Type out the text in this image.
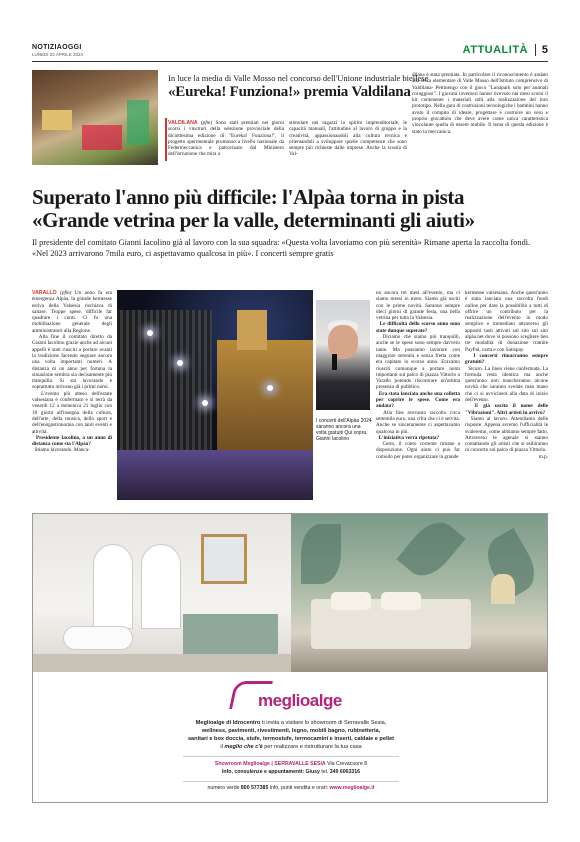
NOTIZIAOGGI
LUNEDÌ 22 APRILE 2024	ATTUALITÀ	5
In luce la media di Valle Mosso nel concorso dell'Unione industriale biellese
«Eureka! Funziona!» premia Valdilana
VALDILANA (pfm) Sono stati premiati nei giorni scorsi i vincitori della selezione provinciale della diciottesima edizione di "Eureka! Funziona!", il progetto sperimentale promosso a livello nazionale da Federmeccanica e patrocinato dal Ministero dell'istruzione che mira a
stimolare nei ragazzi lo spirito imprenditoriale, le capacità manuali, l'attitudine al lavoro di gruppo e la creatività, appassionandoli alla cultura tecnica e orientandoli a sviluppare quelle competenze che sono sempre più richieste dalle imprese. Anche la scuola di Val-
dilana è stata premiata. In particolare il riconoscimento è andato alla terza elementare di Valle Mosso dell'Istituto comprensivo di Valdilana- Pettinengo con il gioco "Lunapark solo per animali coraggiosi". I giovani inventori hanno ricevuto nei mesi scorsi il kit contenente i materiali utili alla realizzazione del loro prototipo. Nella gara di costruzioni tecnologiche i bambini hanno avuto il compito di ideare, progettare e costruire un vero e proprio giocattolo che deve avere come unica caratteristica vincolante quella di essere mobile. Il tema di questa edizione è stato la meccanica.
Superato l'anno più difficile: l'Alpàa torna in pista
«Grande vetrina per la valle, determinanti gli aiuti»
Il presidente del comitato Gianni Iacolino già al lavoro con la sua squadra: «Questa volta lavoriamo con più serenità» Rimane aperta la raccolta fondi. «Nel 2023 arrivarono 7mila euro, ci aspettavamo qualcosa in più». I concerti sempre gratis
VARALLO (pfm) Un anno fa era emergenza Alpàa, la grande kermesse estiva della Valsesia rischiava di saltare. Troppe spese, difficile far quadrare i conti. Ci fu una mobilitazione generale degli amministratori alla Regione.
Alla fine il comitato diretto da Gianni Iacolino grazie anche ad alcuni appelli è stati riusciti a portare avanti la tradizione facendo segnare ancora una volta importanti numeri. A distanza di un anno per fortuna la situazione sembra sia decisamente più tranquilla. Si sta lavorando e soprattutto arrivano già i primi nomi.
L'evento più atteso dell'estate valsesiana è confermato e si terrà da venerdì 12 a domenica 21 luglio con 10 giorni all'insegna della cultura, dell'arte, della musica, dello sport e dell'enogastronomia con tanti eventi e attività.
Presidente Iacolino, a un anno di distanza come sta l'Alpàa?
Stiamo lavorando. Manca-
I concerti dell'Alpàa 2024 saranno ancora una volta gratuiti Qui sopra, Gianni Iacolino
no ancora tre mesi all'evento, ma ci siamo messi in moto. Siamo già usciti con le prime novità. Saranno sempre dieci giorni di grande festa, una bella vetrina per tutta la Valsesia.
Le difficoltà dello scorso anno sono state dunque superate?
Diciamo che siamo più tranquilli, anche se le spese sono sempre davvero tante. Ma possiamo lavorare con maggiore serenità e senza fretta come era capitato lo scorso anno. Eravamo riusciti comunque a portare nomi importanti sul palco di piazza Vittorio a Varallo potendo riscontrare un'ottima presenza di pubblico.
Era stata lanciata anche una colletta per coprire le spese. Come era andata?
Alla fine avevamo raccolto circa settemila euro, una cifra che ci è servita. Anche se sinceramente ci aspettavamo qualcosa in più.
L'iniziativa verrà ripetuta?
Certo, il conto corrente rimane a disposizione. Ogni aiuto ci può far comodo per poter organizzare la grande
kermesse valsesiana. Anche quest'anno è stata lanciata una raccolta fondi online per dare la possibilità a tutti di offrire un contributo per la realizzazione dell'evento in modo semplice e immediato attraverso gli appositi tasti attivati sul sito sul sito alpàa.net dove si possono scegliere ben tre modalità di donazione tramite PayPal, carta e con Satispay.
I concerti rimarranno sempre gratuiti?
Sicuro. La linea viene confermata. La formula resta identica ma anche quest'anno non mancheranno alcune novità che saranno svelate man mano che ci si avvicinerà alla data di inizio dell'evento.
E già uscito il nome delle "Vibrazioni". Altri artisti in arrivo?
Siamo al lavoro. Attendiamo delle risposte. Appena avremo l'ufficialità le svaleremo, come abbiamo sempre fatto. Attraverso le agenzie si stanno contattando gli artisti che si esibiranno in concerto sul palco di piazza Vittorio.
m.p.
meglioalge
Meglioalge di Idrocentro ti invita a visitare lo showroom di Serravalle Sesia,
wellness, pavimenti, rivestimenti, legno, mobili bagno, rubinetteria,
sanitari e box doccia, stufe, termostufe, termocamini e inserti, caldaie e pellet
il meglio che c'è per realizzare e ristrutturare la tua casa
Showroom Meglioalge | SERRAVALLE SESIA Via Crevacuore 8
Info, consulenze e appuntamenti: Giusy tel. 349 6063316
numero verde 800 577385 info, punti vendita e orari: www.meglioalge.it
